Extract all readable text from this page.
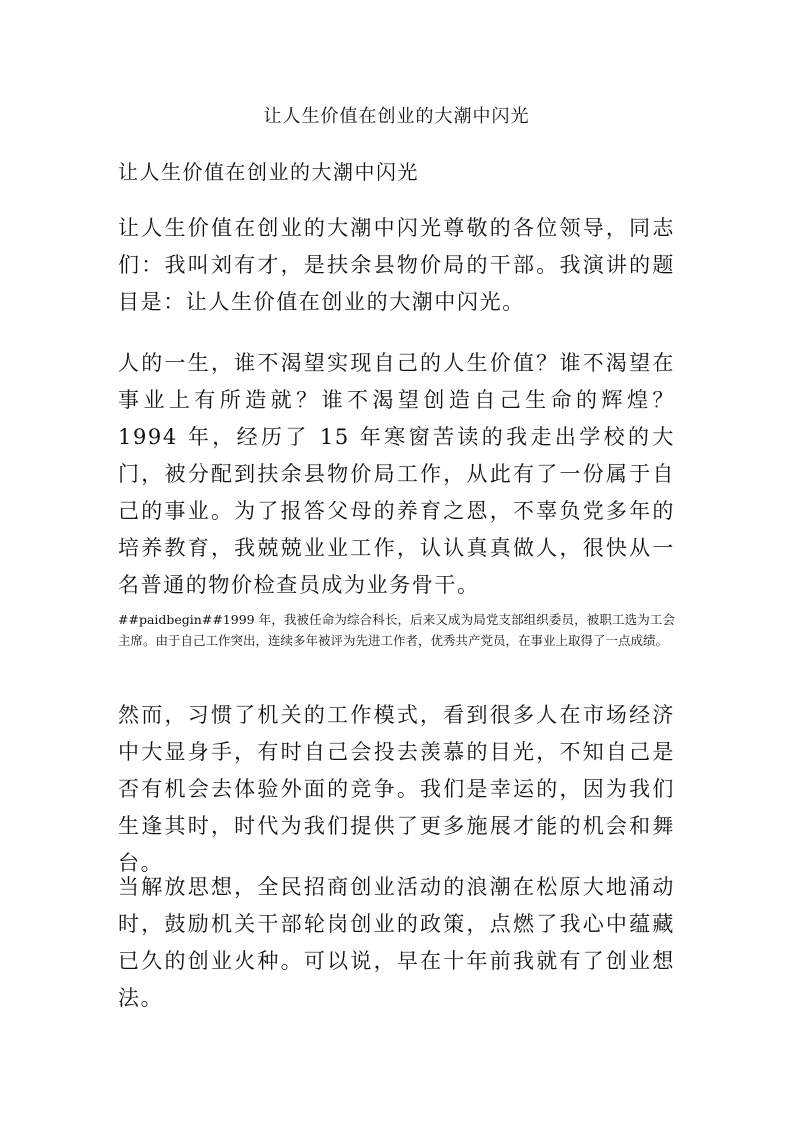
让人生价值在创业的大潮中闪光
让人生价值在创业的大潮中闪光

让人生价值在创业的大潮中闪光尊敬的各位领导，同志们：我叫刘有才，是扶余县物价局的干部。我演讲的题目是：让人生价值在创业的大潮中闪光。

人的一生，谁不渴望实现自己的人生价值？谁不渴望在事业上有所造就？谁不渴望创造自己生命的辉煌？1994 年，经历了 15 年寒窗苦读的我走出学校的大门，被分配到扶余县物价局工作，从此有了一份属于自己的事业。为了报答父母的养育之恩，不辜负党多年的培养教育，我兢兢业业工作，认认真真做人，很快从一名普通的物价检查员成为业务骨干。

##paidbegin##1999 年，我被任命为综合科长，后来又成为局党支部组织委员，被职工选为工会主席。由于自己工作突出，连续多年被评为先进工作者，优秀共产党员，在事业上取得了一点成绩。

然而，习惯了机关的工作模式，看到很多人在市场经济中大显身手，有时自己会投去羡慕的目光，不知自己是否有机会去体验外面的竞争。我们是幸运的，因为我们生逢其时，时代为我们提供了更多施展才能的机会和舞台。

当解放思想，全民招商创业活动的浪潮在松原大地涌动时，鼓励机关干部轮岗创业的政策，点燃了我心中蕴藏已久的创业火种。可以说，早在十年前我就有了创业想法。
